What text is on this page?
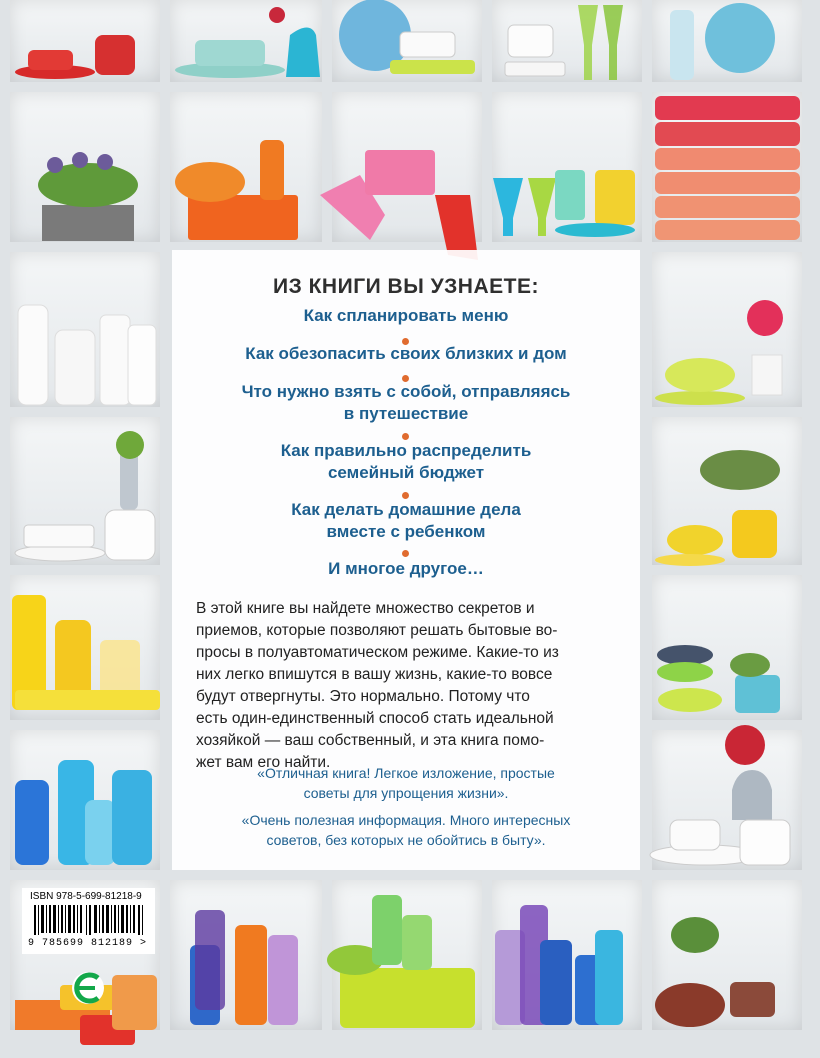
ИЗ КНИГИ ВЫ УЗНАЕТЕ:
Как спланировать меню
Как обезопасить своих близких и дом
Что нужно взять с собой, отправляясь
в путешествие
Как правильно распределить
семейный бюджет
Как делать домашние дела
вместе с ребенком
И многое другое…
В этой книге вы найдете множество секретов и
приемов, которые позволяют решать бытовые во-
просы в полуавтоматическом режиме. Какие-то из
них легко впишутся в вашу жизнь, какие-то вовсе
будут отвергнуты. Это нормально. Потому что
есть один-единственный способ стать идеальной
хозяйкой — ваш собственный, и эта книга помо-
жет вам его найти.
«Отличная книга! Легкое изложение, простые
советы для упрощения жизни».
«Очень полезная информация. Много интересных
советов, без которых не обойтись в быту».
ISBN 978-5-699-81218-9
9 785699 812189 >
